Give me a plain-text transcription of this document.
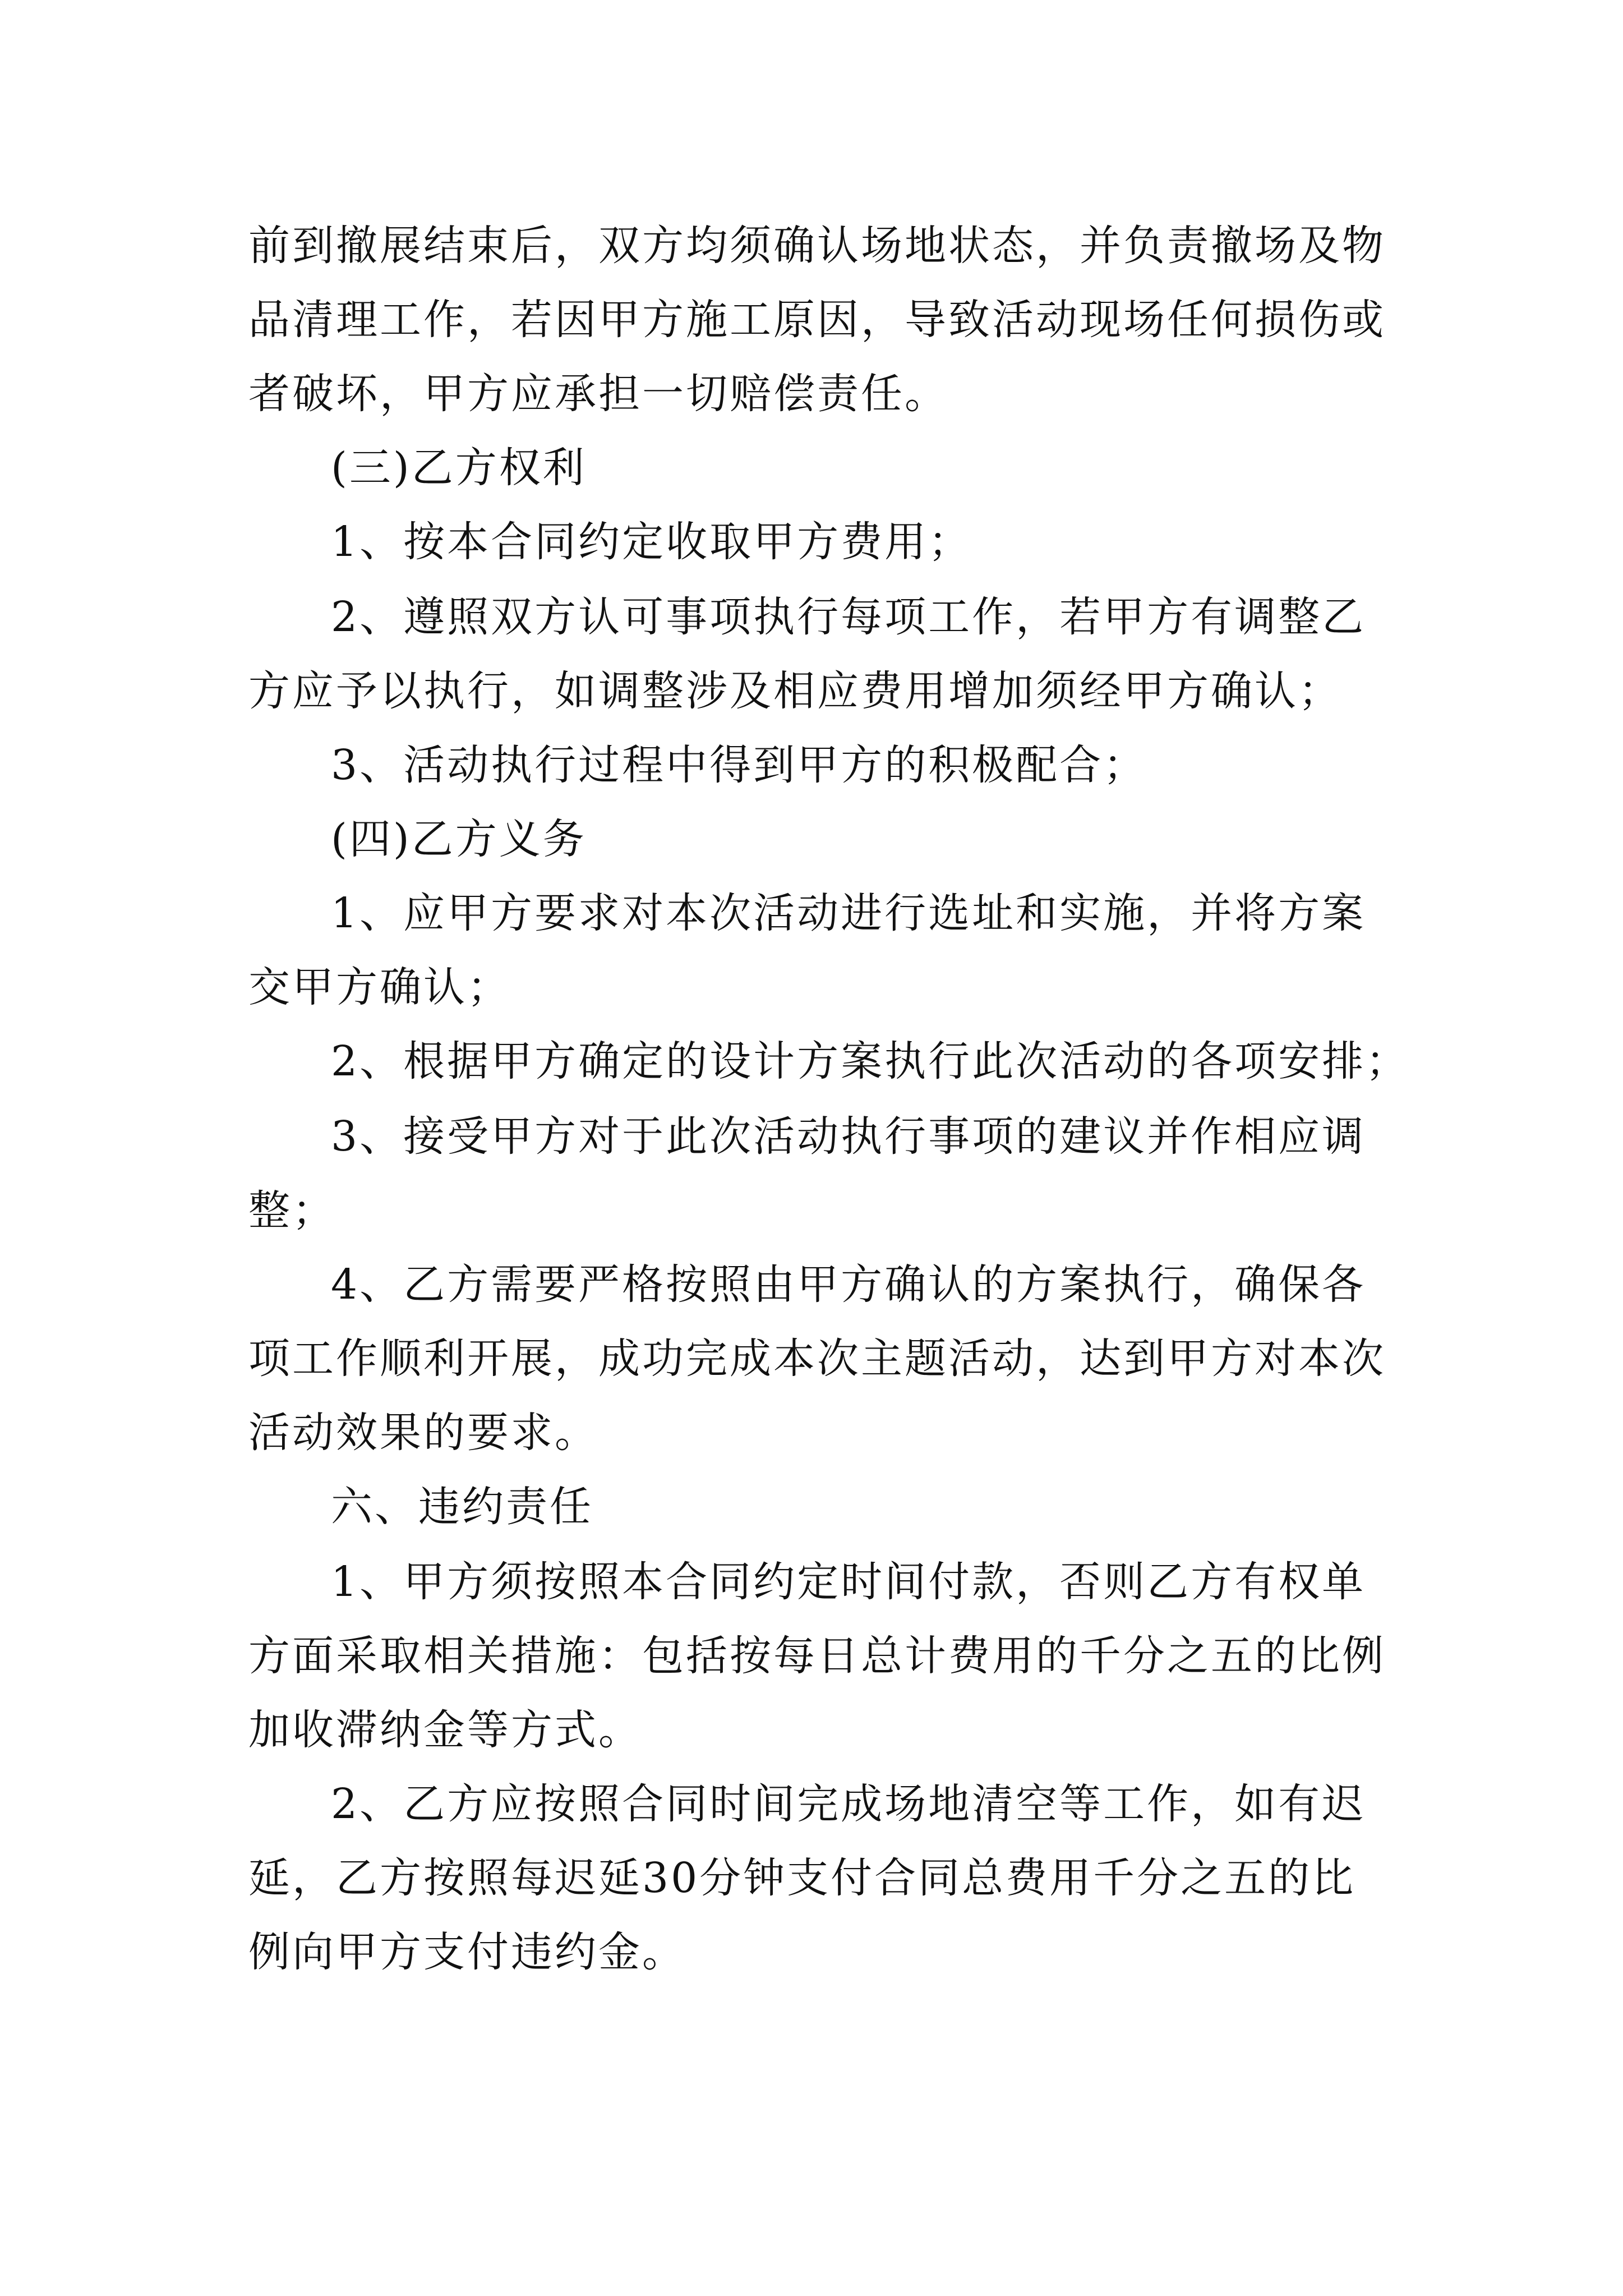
前到撤展结束后，双方均须确认场地状态，并负责撤场及物
品清理工作，若因甲方施工原因，导致活动现场任何损伤或
者破坏，甲方应承担一切赔偿责任。
(三)乙方权利
1、按本合同约定收取甲方费用；
2、遵照双方认可事项执行每项工作，若甲方有调整乙
方应予以执行，如调整涉及相应费用增加须经甲方确认；
3、活动执行过程中得到甲方的积极配合；
(四)乙方义务
1、应甲方要求对本次活动进行选址和实施，并将方案
交甲方确认；
2、根据甲方确定的设计方案执行此次活动的各项安排；
3、接受甲方对于此次活动执行事项的建议并作相应调
整；
4、乙方需要严格按照由甲方确认的方案执行，确保各
项工作顺利开展，成功完成本次主题活动，达到甲方对本次
活动效果的要求。
六、违约责任
1、甲方须按照本合同约定时间付款，否则乙方有权单
方面采取相关措施：包括按每日总计费用的千分之五的比例
加收滞纳金等方式。
2、乙方应按照合同时间完成场地清空等工作，如有迟
延，乙方按照每迟延30分钟支付合同总费用千分之五的比
例向甲方支付违约金。
